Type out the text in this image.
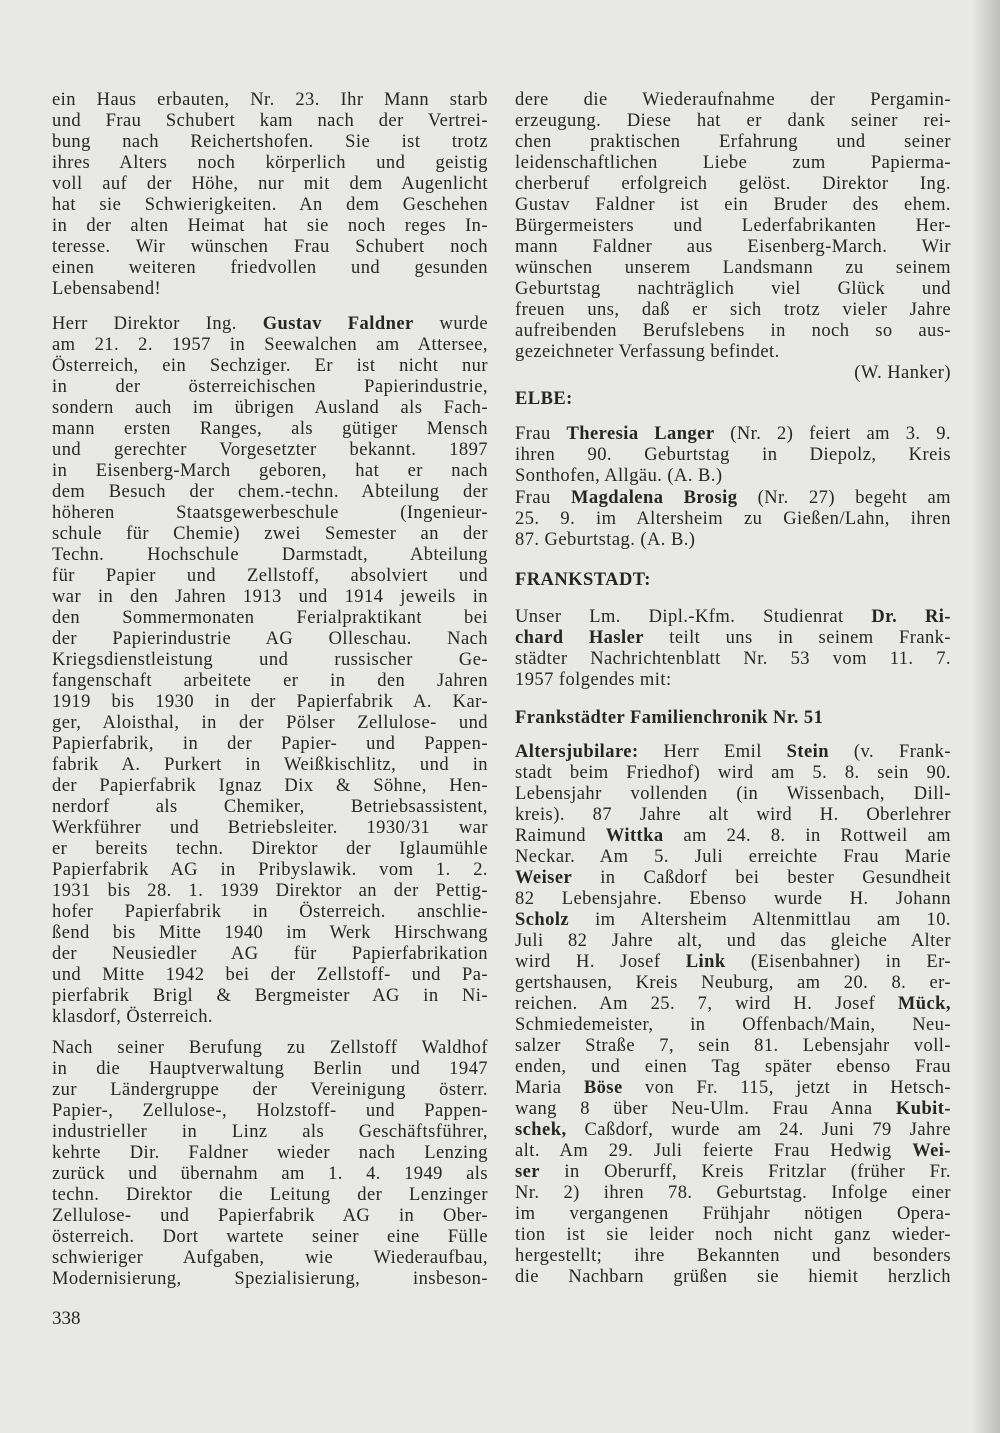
ein Haus erbauten, Nr. 23. Ihr Mann starb
und Frau Schubert kam nach der Vertrei-
bung nach Reichertshofen. Sie ist trotz
ihres Alters noch körperlich und geistig
voll auf der Höhe, nur mit dem Augenlicht
hat sie Schwierigkeiten. An dem Geschehen
in der alten Heimat hat sie noch reges In-
teresse. Wir wünschen Frau Schubert noch
einen weiteren friedvollen und gesunden
Lebensabend!
Herr Direktor Ing. Gustav Faldner wurde
am 21. 2. 1957 in Seewalchen am Attersee,
Österreich, ein Sechziger. Er ist nicht nur
in der österreichischen Papierindustrie,
sondern auch im übrigen Ausland als Fach-
mann ersten Ranges, als gütiger Mensch
und gerechter Vorgesetzter bekannt. 1897
in Eisenberg-March geboren, hat er nach
dem Besuch der chem.-techn. Abteilung der
höheren Staatsgewerbeschule (Ingenieur-
schule für Chemie) zwei Semester an der
Techn. Hochschule Darmstadt, Abteilung
für Papier und Zellstoff, absolviert und
war in den Jahren 1913 und 1914 jeweils in
den Sommermonaten Ferialpraktikant bei
der Papierindustrie AG Olleschau. Nach
Kriegsdienstleistung und russischer Ge-
fangenschaft arbeitete er in den Jahren
1919 bis 1930 in der Papierfabrik A. Kar-
ger, Aloisthal, in der Pölser Zellulose- und
Papierfabrik, in der Papier- und Pappen-
fabrik A. Purkert in Weißkischlitz, und in
der Papierfabrik Ignaz Dix & Söhne, Hen-
nerdorf als Chemiker, Betriebsassistent,
Werkführer und Betriebsleiter. 1930/31 war
er bereits techn. Direktor der Iglaumühle
Papierfabrik AG in Pribyslawik. vom 1. 2.
1931 bis 28. 1. 1939 Direktor an der Pettig-
hofer Papierfabrik in Österreich. anschlie-
ßend bis Mitte 1940 im Werk Hirschwang
der Neusiedler AG für Papierfabrikation
und Mitte 1942 bei der Zellstoff- und Pa-
pierfabrik Brigl & Bergmeister AG in Ni-
klasdorf, Österreich.
Nach seiner Berufung zu Zellstoff Waldhof
in die Hauptverwaltung Berlin und 1947
zur Ländergruppe der Vereinigung österr.
Papier-, Zellulose-, Holzstoff- und Pappen-
industrieller in Linz als Geschäftsführer,
kehrte Dir. Faldner wieder nach Lenzing
zurück und übernahm am 1. 4. 1949 als
techn. Direktor die Leitung der Lenzinger
Zellulose- und Papierfabrik AG in Ober-
österreich. Dort wartete seiner eine Fülle
schwieriger Aufgaben, wie Wiederaufbau,
Modernisierung, Spezialisierung, insbeson-
dere die Wiederaufnahme der Pergamin-
erzeugung. Diese hat er dank seiner rei-
chen praktischen Erfahrung und seiner
leidenschaftlichen Liebe zum Papierma-
cherberuf erfolgreich gelöst. Direktor Ing.
Gustav Faldner ist ein Bruder des ehem.
Bürgermeisters und Lederfabrikanten Her-
mann Faldner aus Eisenberg-March. Wir
wünschen unserem Landsmann zu seinem
Geburtstag nachträglich viel Glück und
freuen uns, daß er sich trotz vieler Jahre
aufreibenden Berufslebens in noch so aus-
gezeichneter Verfassung befindet.
(W. Hanker)
ELBE:
Frau Theresia Langer (Nr. 2) feiert am 3. 9.
ihren 90. Geburtstag in Diepolz, Kreis
Sonthofen, Allgäu. (A. B.)
Frau Magdalena Brosig (Nr. 27) begeht am
25. 9. im Altersheim zu Gießen/Lahn, ihren
87. Geburtstag. (A. B.)
FRANKSTADT:
Unser Lm. Dipl.-Kfm. Studienrat Dr. Ri-
chard Hasler teilt uns in seinem Frank-
städter Nachrichtenblatt Nr. 53 vom 11. 7.
1957 folgendes mit:
Frankstädter Familienchronik Nr. 51
Altersjubilare: Herr Emil Stein (v. Frank-
stadt beim Friedhof) wird am 5. 8. sein 90.
Lebensjahr vollenden (in Wissenbach, Dill-
kreis). 87 Jahre alt wird H. Oberlehrer
Raimund Wittka am 24. 8. in Rottweil am
Neckar. Am 5. Juli erreichte Frau Marie
Weiser in Caßdorf bei bester Gesundheit
82 Lebensjahre. Ebenso wurde H. Johann
Scholz im Altersheim Altenmittlau am 10.
Juli 82 Jahre alt, und das gleiche Alter
wird H. Josef Link (Eisenbahner) in Er-
gertshausen, Kreis Neuburg, am 20. 8. er-
reichen. Am 25. 7, wird H. Josef Mück,
Schmiedemeister, in Offenbach/Main, Neu-
salzer Straße 7, sein 81. Lebensjahr voll-
enden, und einen Tag später ebenso Frau
Maria Böse von Fr. 115, jetzt in Hetsch-
wang 8 über Neu-Ulm. Frau Anna Kubit-
schek, Caßdorf, wurde am 24. Juni 79 Jahre
alt. Am 29. Juli feierte Frau Hedwig Wei-
ser in Oberurff, Kreis Fritzlar (früher Fr.
Nr. 2) ihren 78. Geburtstag. Infolge einer
im vergangenen Frühjahr nötigen Opera-
tion ist sie leider noch nicht ganz wieder-
hergestellt; ihre Bekannten und besonders
die Nachbarn grüßen sie hiemit herzlich
338
